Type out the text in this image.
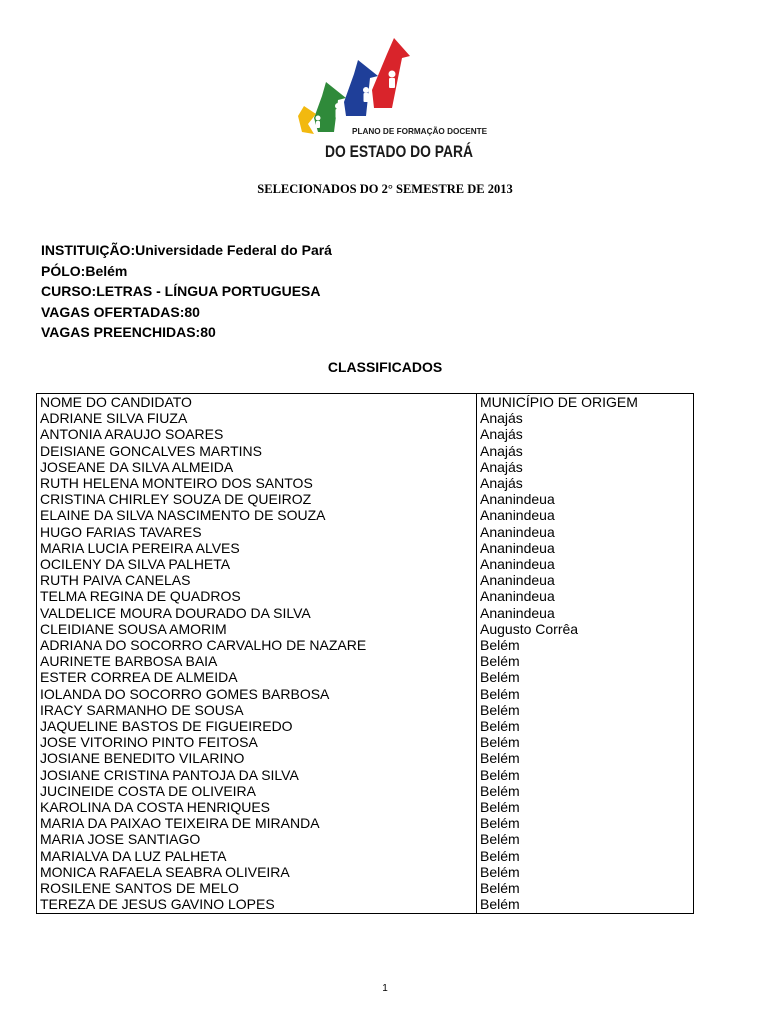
PLANO DE FORMAÇÃO DOCENTE
DO ESTADO DO PARÁ
SELECIONADOS DO 2° SEMESTRE DE 2013
INSTITUIÇÃO:Universidade Federal do Pará
PÓLO:Belém
CURSO:LETRAS - LÍNGUA PORTUGUESA
VAGAS OFERTADAS:80
VAGAS PREENCHIDAS:80
CLASSIFICADOS
NOME DO CANDIDATO	MUNICÍPIO DE ORIGEM
ADRIANE SILVA FIUZA	Anajás
ANTONIA ARAUJO SOARES	Anajás
DEISIANE GONCALVES MARTINS	Anajás
JOSEANE DA SILVA ALMEIDA	Anajás
RUTH HELENA MONTEIRO DOS SANTOS	Anajás
CRISTINA CHIRLEY SOUZA DE QUEIROZ	Ananindeua
ELAINE DA SILVA NASCIMENTO DE SOUZA	Ananindeua
HUGO FARIAS TAVARES	Ananindeua
MARIA LUCIA PEREIRA ALVES	Ananindeua
OCILENY DA SILVA PALHETA	Ananindeua
RUTH PAIVA CANELAS	Ananindeua
TELMA REGINA DE QUADROS	Ananindeua
VALDELICE MOURA DOURADO DA SILVA	Ananindeua
CLEIDIANE SOUSA AMORIM	Augusto Corrêa
ADRIANA DO SOCORRO CARVALHO DE NAZARE	Belém
AURINETE BARBOSA BAIA	Belém
ESTER CORREA DE ALMEIDA	Belém
IOLANDA DO SOCORRO GOMES BARBOSA	Belém
IRACY SARMANHO DE SOUSA	Belém
JAQUELINE BASTOS DE FIGUEIREDO	Belém
JOSE VITORINO PINTO FEITOSA	Belém
JOSIANE BENEDITO VILARINO	Belém
JOSIANE CRISTINA PANTOJA DA SILVA	Belém
JUCINEIDE COSTA DE OLIVEIRA	Belém
KAROLINA DA COSTA HENRIQUES	Belém
MARIA DA PAIXAO TEIXEIRA DE MIRANDA	Belém
MARIA JOSE SANTIAGO	Belém
MARIALVA DA LUZ PALHETA	Belém
MONICA RAFAELA SEABRA OLIVEIRA	Belém
ROSILENE SANTOS DE MELO	Belém
TEREZA DE JESUS GAVINO LOPES	Belém
1
